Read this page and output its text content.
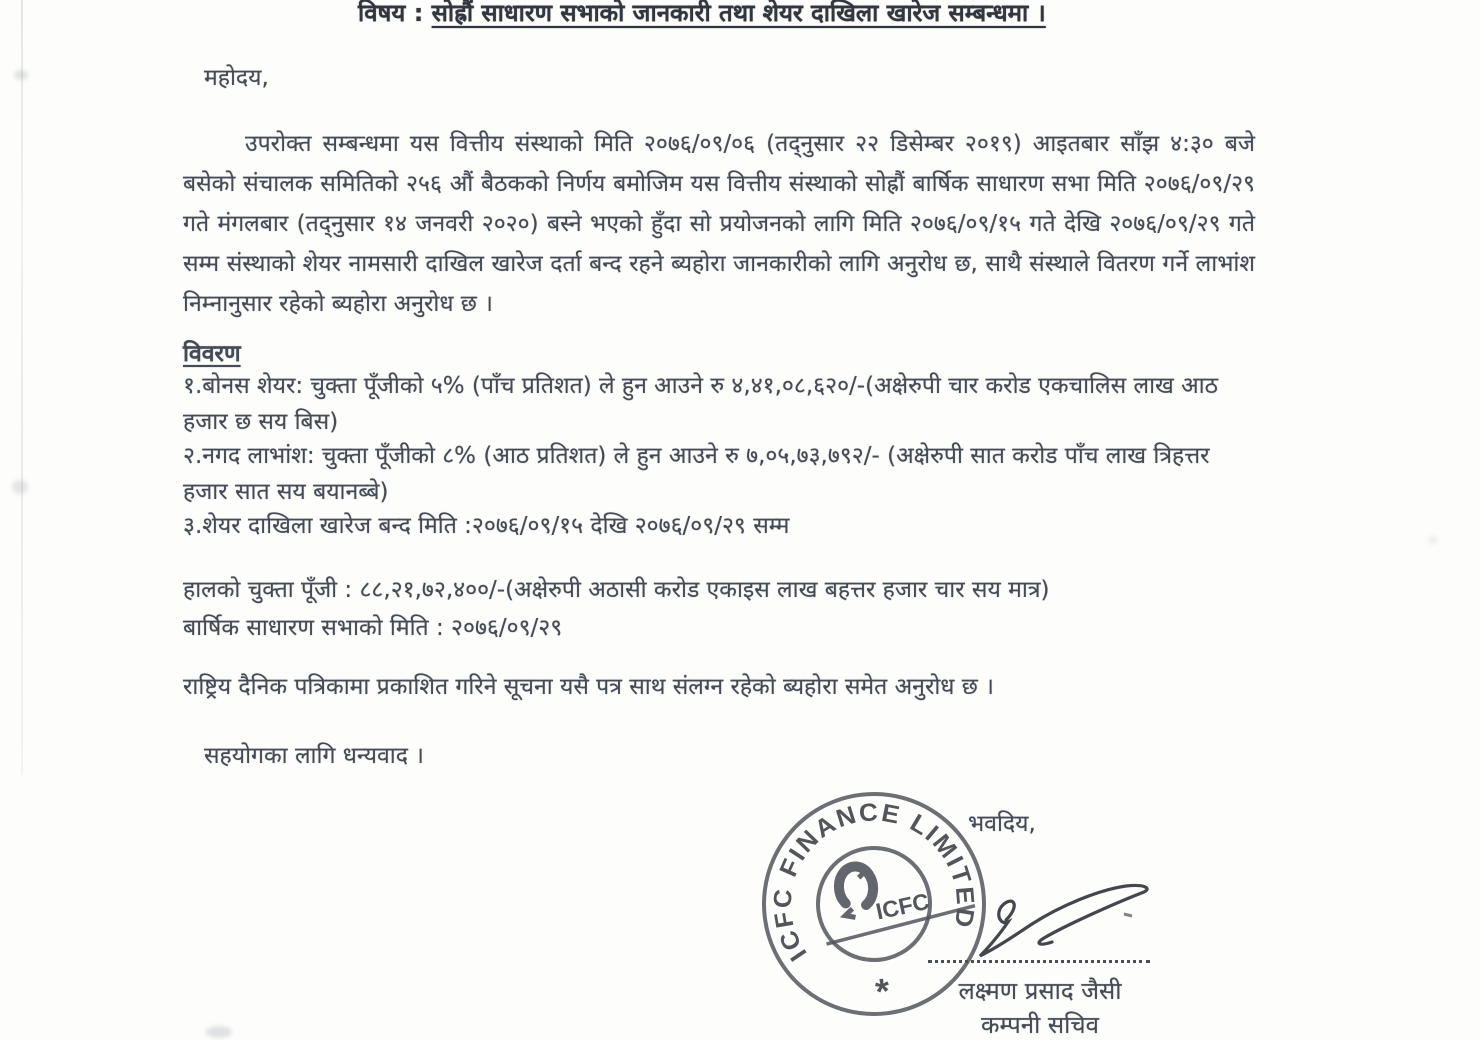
विषय : सोह्रौं साधारण सभाको जानकारी तथा शेयर दाखिला खारेज सम्बन्धमा ।
महोदय,
उपरोक्त सम्बन्धमा यस वित्तीय संस्थाको मिति २०७६/०९/०६ (तद्नुसार २२ डिसेम्बर २०१९) आइतबार साँझ ४:३० बजे बसेको संचालक समितिको २५६ औं बैठकको निर्णय बमोजिम यस वित्तीय संस्थाको सोह्रौं बार्षिक साधारण सभा मिति २०७६/०९/२९ गते मंगलबार (तद्नुसार १४ जनवरी २०२०) बस्ने भएको हुँदा सो प्रयोजनको लागि मिति २०७६/०९/१५ गते देखि २०७६/०९/२९ गते सम्म संस्थाको शेयर नामसारी दाखिल खारेज दर्ता बन्द रहने ब्यहोरा जानकारीको लागि अनुरोध छ, साथै संस्थाले वितरण गर्ने लाभांश निम्नानुसार रहेको ब्यहोरा अनुरोध छ ।
विवरण
१.बोनस शेयर: चुक्ता पूँजीको ५% (पाँच प्रतिशत) ले हुन आउने रु ४,४१,०८,६२०/-(अक्षेरुपी चार करोड एकचालिस लाख आठ हजार छ सय बिस)
२.नगद लाभांश: चुक्ता पूँजीको ८% (आठ प्रतिशत) ले हुन आउने रु ७,०५,७३,७९२/- (अक्षेरुपी सात करोड पाँच लाख त्रिहत्तर हजार सात सय बयानब्बे)
३.शेयर दाखिला खारेज बन्द मिति :२०७६/०९/१५ देखि २०७६/०९/२९ सम्म
हालको चुक्ता पूँजी : ८८,२१,७२,४००/-(अक्षेरुपी अठासी करोड एकाइस लाख बहत्तर हजार चार सय मात्र)
बार्षिक साधारण सभाको मिति : २०७६/०९/२९
राष्ट्रिय दैनिक पत्रिकामा प्रकाशित गरिने सूचना यसै पत्र साथ संलग्न रहेको ब्यहोरा समेत अनुरोध छ ।
सहयोगका लागि धन्यवाद ।
भवदिय,
ICFC FINANCE LIMITED
*
ICFC
लक्ष्मण प्रसाद जैसी
कम्पनी सचिव
